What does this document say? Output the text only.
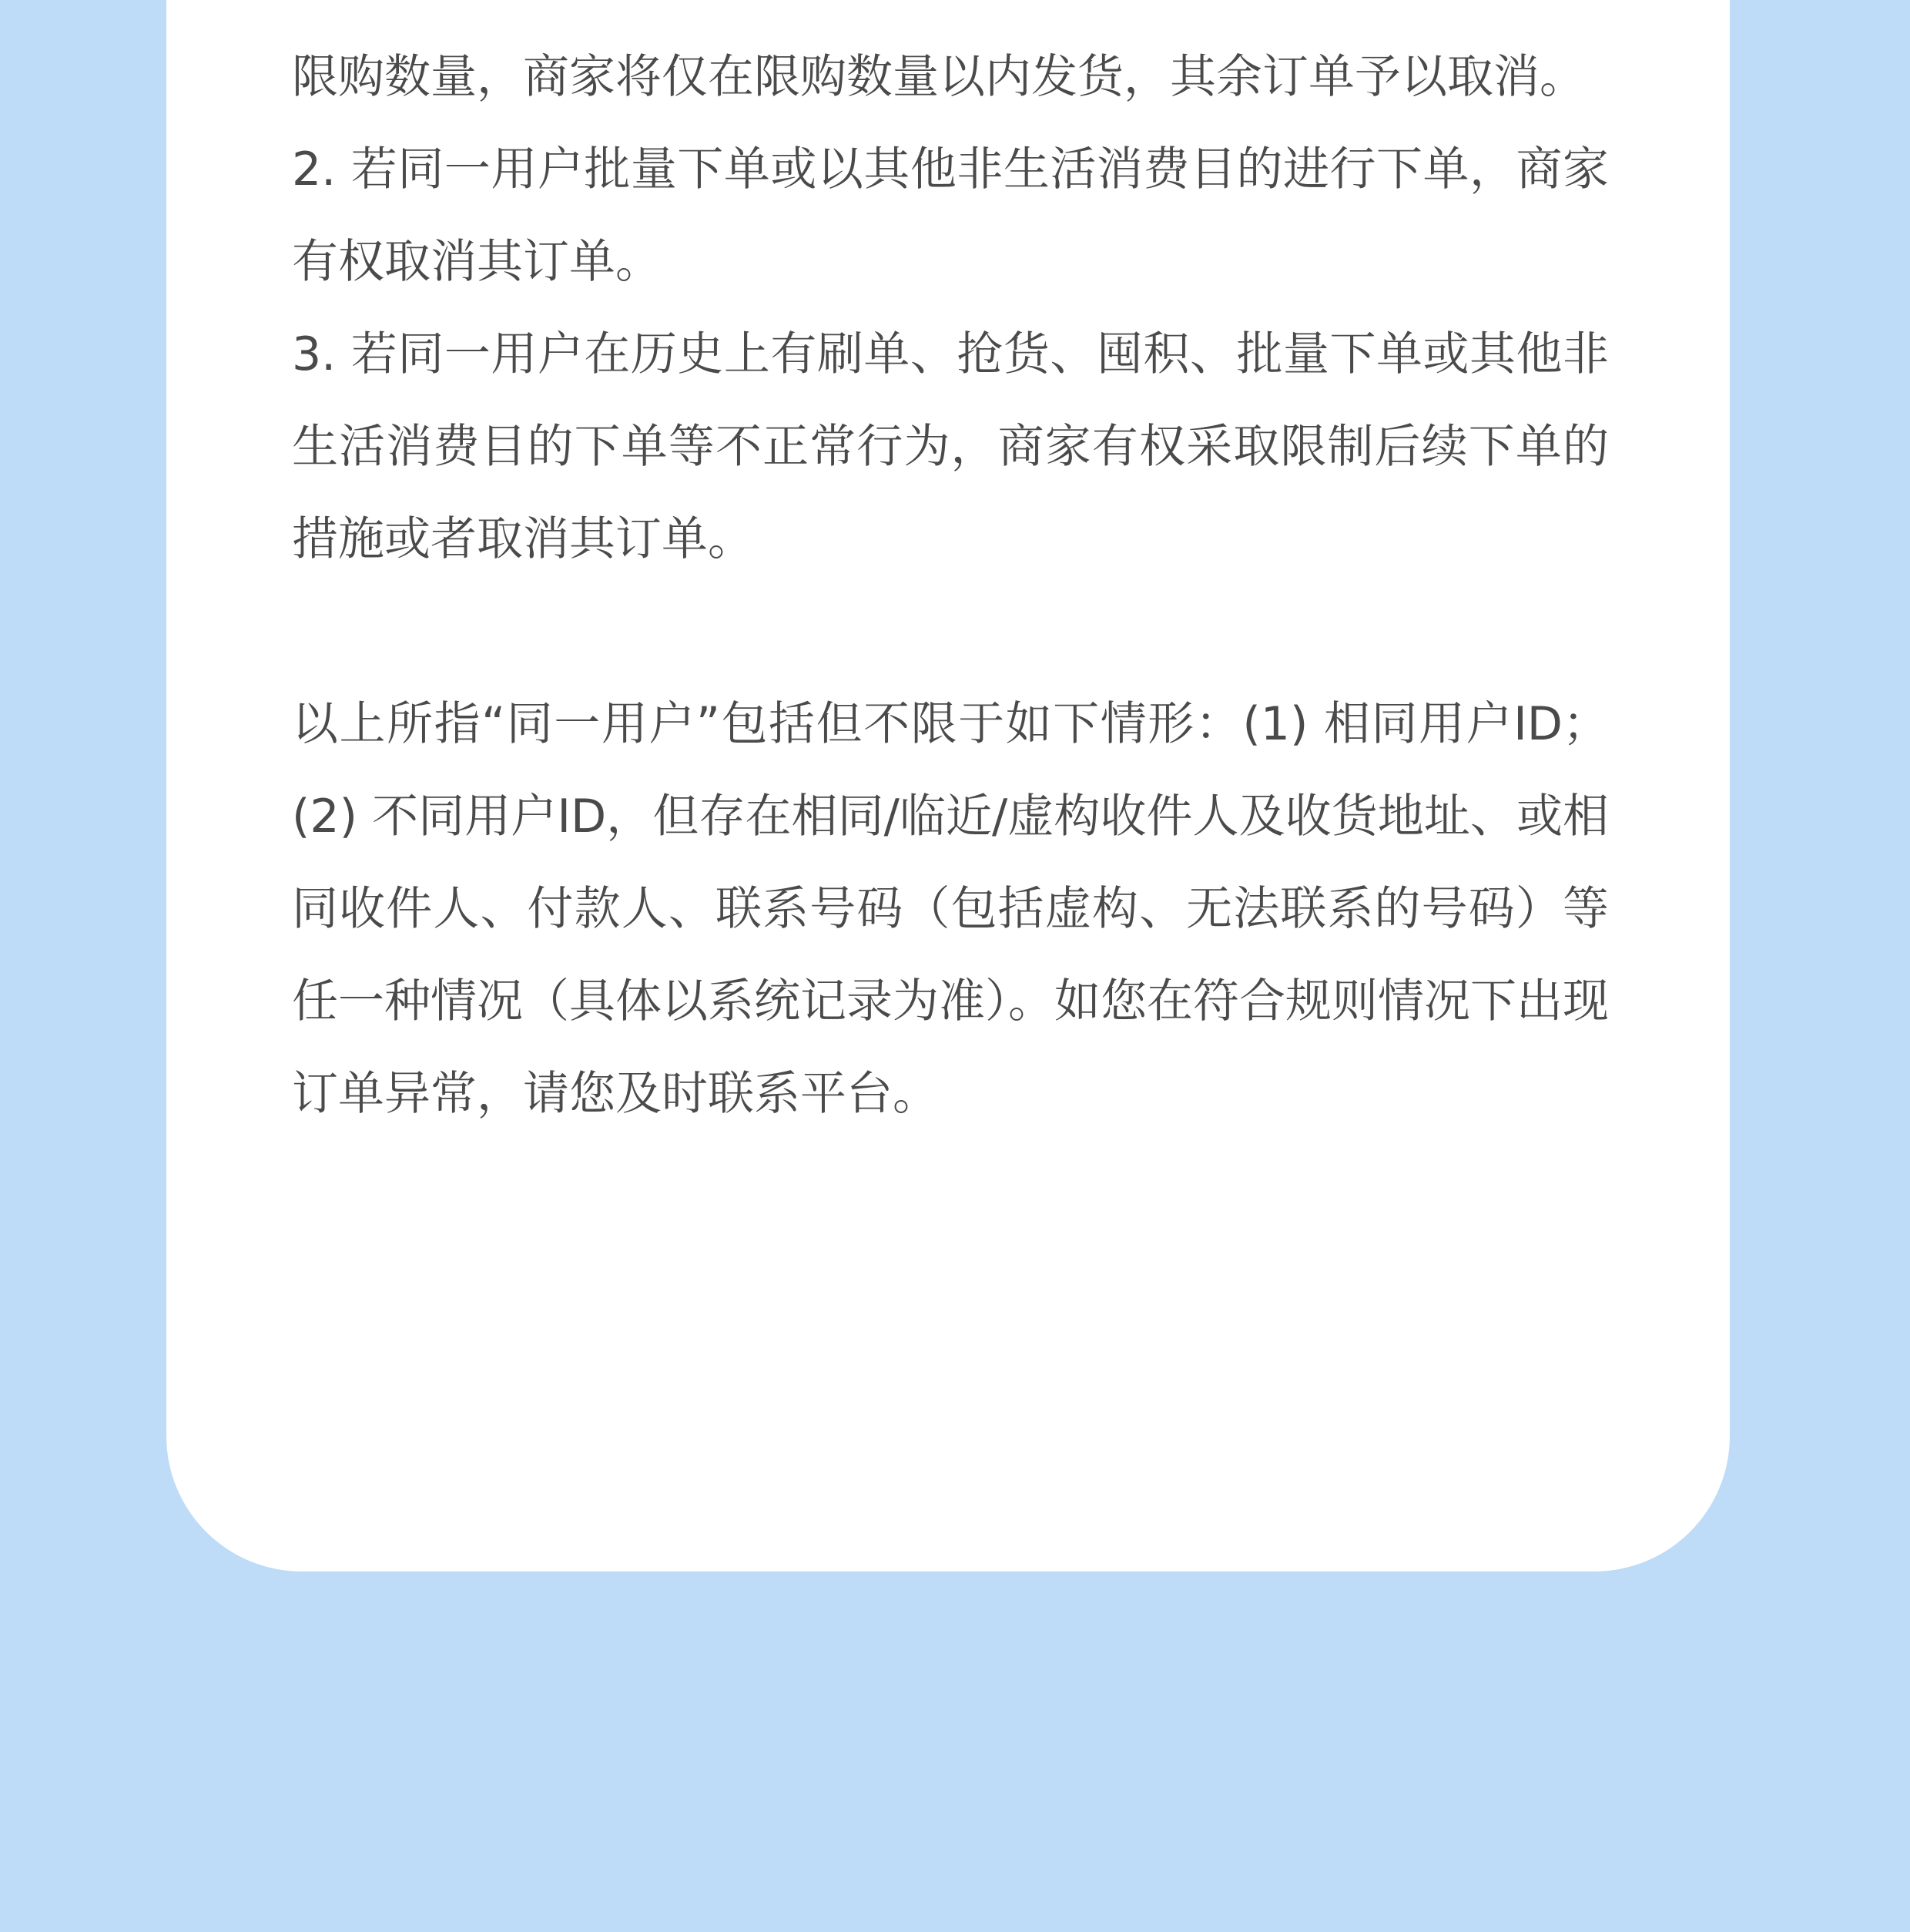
限购数量，商家将仅在限购数量以内发货，其余订单予以取消。

2. 若同一用户批量下单或以其他非生活消费目的进行下单，商家有权取消其订单。

3. 若同一用户在历史上有刷单、抢货、囤积、批量下单或其他非生活消费目的下单等不正常行为，商家有权采取限制后续下单的措施或者取消其订单。

以上所指“同一用户”包括但不限于如下情形：(1) 相同用户ID；(2) 不同用户ID，但存在相同/临近/虚构收件人及收货地址、或相同收件人、付款人、联系号码（包括虚构、无法联系的号码）等任一种情况（具体以系统记录为准）。如您在符合规则情况下出现订单异常，请您及时联系平台。
